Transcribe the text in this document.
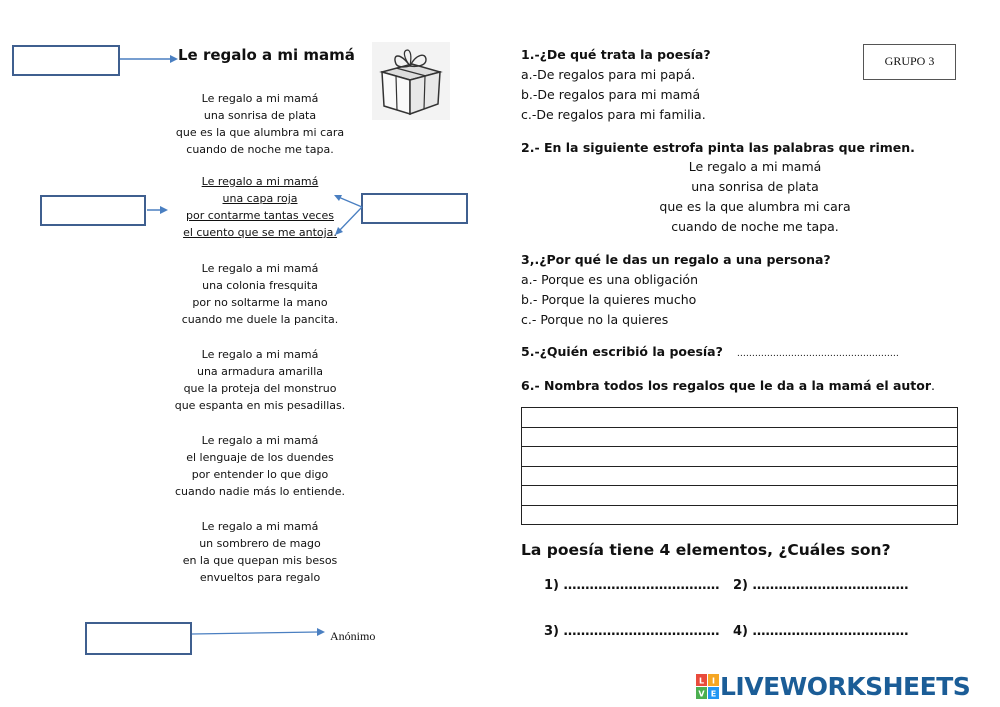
Le regalo a mi mamá
Le regalo a mi mamá
una sonrisa de plata
que es la que alumbra mi cara
cuando de noche me tapa.
Le regalo a mi mamá
una capa roja
por contarme tantas veces
el cuento que se me antoja.
Le regalo a mi mamá
una colonia fresquita
por no soltarme la mano
cuando me duele la pancita.
Le regalo a mi mamá
una armadura amarilla
que la proteja del monstruo
que espanta en mis pesadillas.
Le regalo a mi mamá
el lenguaje de los duendes
por entender lo que digo
cuando nadie más lo entiende.
Le regalo a mi mamá
un sombrero de mago
en la que quepan mis besos
envueltos para regalo
Anónimo
GRUPO 3
1.-¿De qué trata la poesía?
a.-De regalos para mi papá.
b.-De regalos para mi mamá
c.-De regalos para mi familia.
2.- En la siguiente estrofa pinta las palabras que rimen.
Le regalo a mi mamá
una sonrisa de plata
que es la que alumbra mi cara
cuando de noche me tapa.
3,.¿Por qué le das un regalo a una persona?
a.- Porque es una obligación
b.- Porque la quieres mucho
c.- Porque no la quieres
5.-¿Quién escribió la poesía? ………………………………………………
6.- Nombra todos los regalos que le da a la mamá el autor.
La poesía tiene 4 elementos, ¿Cuáles son?
1) ……………………………… 2) ………………………………
3) ……………………………… 4) ………………………………
L I
V E LIVEWORKSHEETS
